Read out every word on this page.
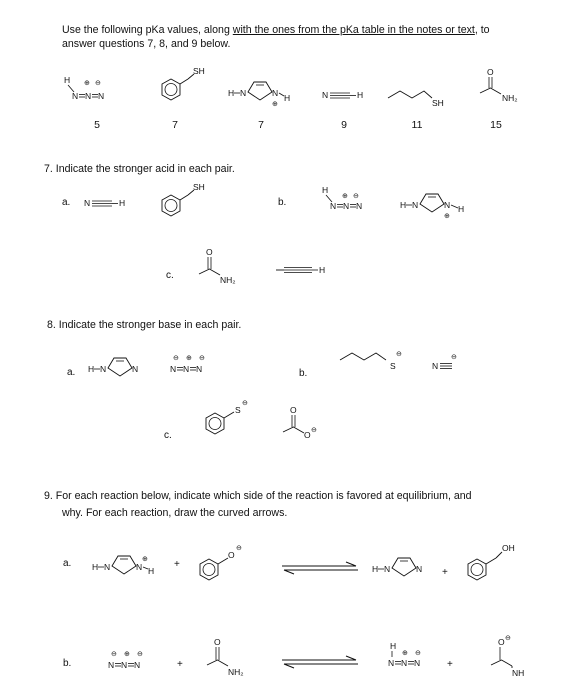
Use the following pKa values, along with the ones from the pKa table in the notes or text, to
answer questions 7, 8, and 9 below.
H ⊕ ⊖
N N N
SH
H N	N H
⊕
N	H
SH
O
NH₂
5	7	7	9	11	15
7. Indicate the stronger acid in each pair.
a. N	H
SH
b.
H
⊕ ⊖
N N N	H N	N H
⊕
c.
O
NH₂
H
8. Indicate the stronger base in each pair.
a. H N	N
⊖ ⊕ ⊖
N N N	b.
S
⊖
N
⊖
c.
S
⊖
O
O ⊖
9. For each reaction below, indicate which side of the reaction is favored at equilibrium, and
why. For each reaction, draw the curved arrows.
a. H N	N
⊕
H
+
O
⊖
H N	N +
OH
b.
⊖ ⊕ ⊖
N N N	+
O
NH₂
H
⊕ ⊖
N N N	+
O ⊖
NH
